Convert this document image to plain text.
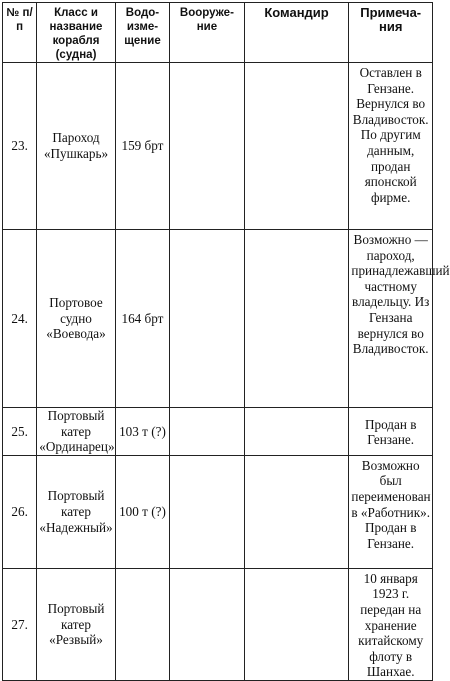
№ п/п	Класс и название корабля (судна)	Водо- изме- щение	Вооруже- ние	Командир	Примеча- ния
23.	Пароход «Пушкарь»	159 брт			Оставлен в Гензане. Вернулся во Владивосток. По другим данным, продан японской фирме.
24.	Портовое судно «Воевода»	164 брт			Возможно — пароход, принадлежавший частному владельцу. Из Гензана вернулся во Владивосток.
25.	Портовый катер «Ординарец»	103 т (?)			Продан в Гензане.
26.	Портовый катер «Надежный»	100 т (?)			Возможно был переименован в «Работник». Продан в Гензане.
27.	Портовый катер «Резвый»				10 января 1923 г. передан на хранение китайскому флоту в Шанхае.
